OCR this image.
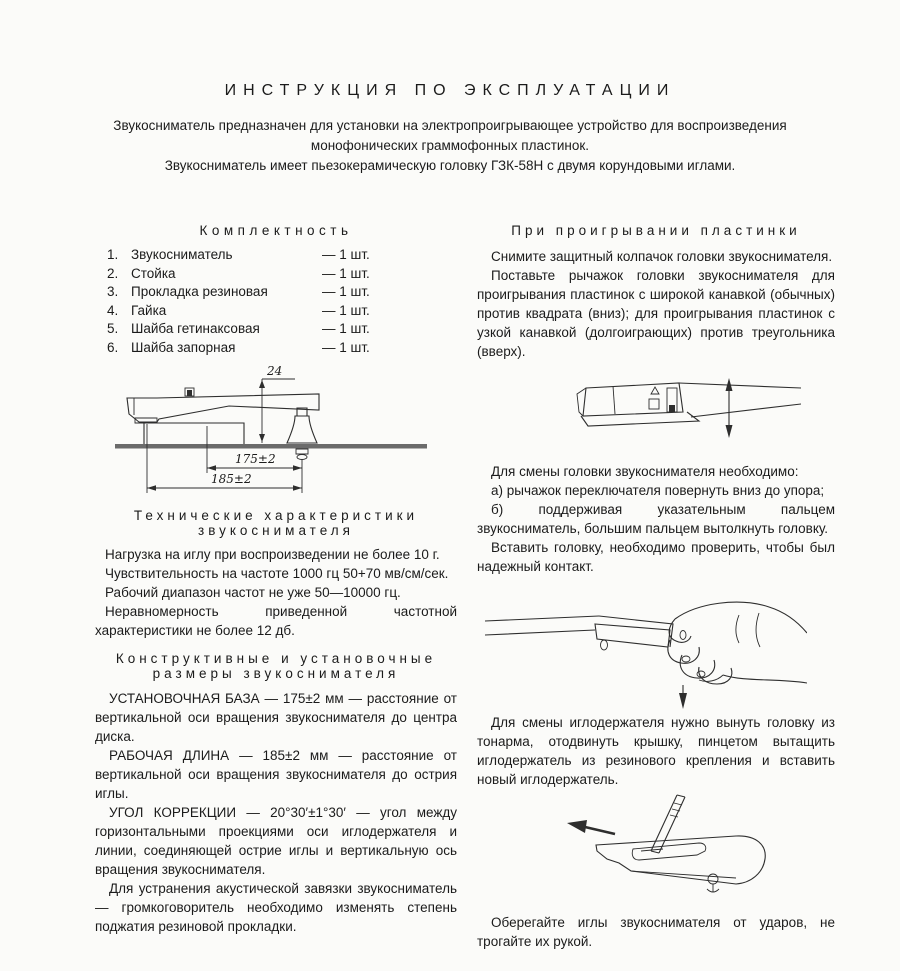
ИНСТРУКЦИЯ ПО ЭКСПЛУАТАЦИИ
Звукосниматель предназначен для установки на электропроигрывающее устройство для воспроизведения
монофонических граммофонных пластинок.
Звукосниматель имеет пьезокерамическую головку ГЗК-58Н с двумя корундовыми иглами.
Комплектность
1. Звукосниматель	— 1 шт.
2. Стойка	— 1 шт.
3. Прокладка резиновая	— 1 шт.
4. Гайка	— 1 шт.
5. Шайба гетинаксовая	— 1 шт.
6. Шайба запорная	— 1 шт.
24
175±2
185±2
Технические характеристики
звукоснимателя

Нагрузка на иглу при воспроизведении не более 10 г.

Чувствительность на частоте 1000 гц 50+70 мв/см/сек.

Рабочий диапазон частот не уже 50—10000 гц.

Неравномерность приведенной частотной характеристики не более 12 дб.

Конструктивные и установочные
размеры звукоснимателя

УСТАНОВОЧНАЯ БАЗА — 175±2 мм — расстояние от вертикальной оси вращения звукоснимателя до центра диска.

РАБОЧАЯ ДЛИНА — 185±2 мм — расстояние от вертикальной оси вращения звукоснимателя до острия иглы.

УГОЛ КОРРЕКЦИИ — 20°30′±1°30′ — угол между горизонтальными проекциями оси иглодержателя и линии, соединяющей острие иглы и вертикальную ось вращения звукоснимателя.

Для устранения акустической завязки звукосниматель — громкоговоритель необходимо изменять степень поджатия резиновой прокладки.

При проигрывании пластинки

Снимите защитный колпачок головки звукоснимателя.

Поставьте рычажок головки звукоснимателя для проигрывания пластинок с широкой канавкой (обычных) против квадрата (вниз); для проигрывания пластинок с узкой канавкой (долгоиграющих) против треугольника (вверх).

Для смены головки звукоснимателя необходимо:

а) рычажок переключателя повернуть вниз до упора;

б) поддерживая указательным пальцем звукосниматель, большим пальцем вытолкнуть головку.

Вставить головку, необходимо проверить, чтобы был надежный контакт.

Для смены иглодержателя нужно вынуть головку из тонарма, отодвинуть крышку, пинцетом вытащить иглодержатель из резинового крепления и вставить новый иглодержатель.

Оберегайте иглы звукоснимателя от ударов, не трогайте их рукой.
